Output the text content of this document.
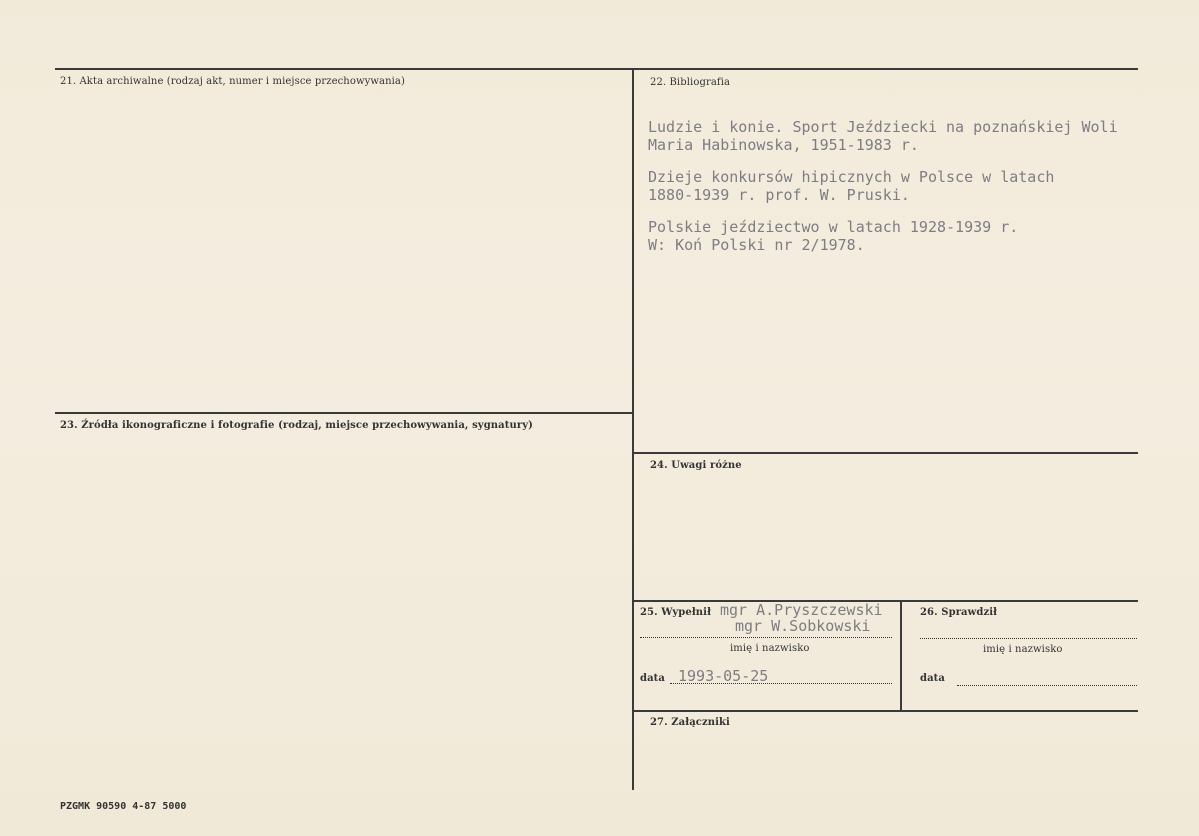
21. Akta archiwalne (rodzaj akt, numer i miejsce przechowywania)	22. Bibliografia
Ludzie i konie. Sport Jeździecki na poznańskiej Woli
Maria Habinowska, 1951-1983 r.
Dzieje konkursów hipicznych w Polsce w latach
1880-1939 r. prof. W. Pruski.
Polskie jeździectwo w latach 1928-1939 r.
W: Koń Polski nr 2/1978.
23. Źródła ikonograficzne i fotografie (rodzaj, miejsce przechowywania, sygnatury)
24. Uwagi różne
25. Wypełnił mgr A.Pryszczewski
mgr W.Sobkowski
imię i nazwisko
data 1993-05-25
26. Sprawdził
imię i nazwisko
data
27. Załączniki
PZGMK 90590 4-87 5000
